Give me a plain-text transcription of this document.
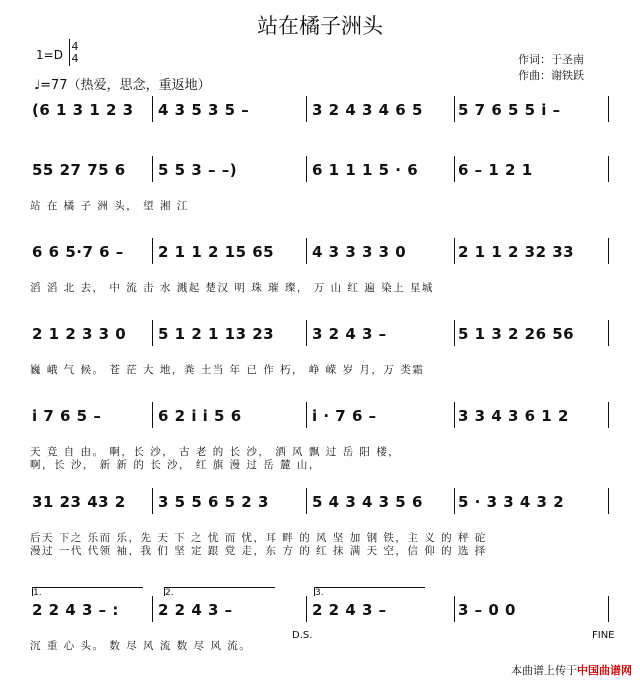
站在橘子洲头
1=D
4
4
♩=77（热爱，思念，重返地）
作词：于圣南
作曲：谢铁跃
(6 1 3 1 2 3 4 3 5 3 5 –	3 2 4 3 4 6 5 5 7 6 5 5 i –
55 27 75 6 5 5 3 – –)	6 1 1 1 5 · 6	6 – 1 2 1
站 在 橘 子 洲 头， 望 湘 江
6 6 5·7 6 – 2 1 1 2 15 65	4 3 3 3 3 0	2 1 1 2 32 33
滔 滔 北 去， 中 流 击 水 溅起 楚汉 明 珠 璀 璨， 万 山 红 遍 染上 星城
2 1 2 3 3 0 5 1 2 1 13 23	3 2 4 3 –	5 1 3 2 26 56
巍 峨 气 候。 苍 茫 大 地，粪 土当 年 已 作 朽， 峥 嵘 岁 月，万 类霜
i 7 6 5 –	6 2 i i 5 6	i · 7 6 –	3 3 4 3 6 1 2
天 竞 自 由。 啊，长 沙， 古 老 的 长 沙， 洒 风 飘 过 岳 阳 楼，
啊，长 沙， 新 新 的 长 沙， 红 旗 漫 过 岳 麓 山，
31 23 43 2 3 5 5 6 5 2 3	5 4 3 4 3 5 6 5 · 3 3 4 3 2
后天 下之 乐而 乐，先 天 下 之 忧 而 忧，耳 畔 的 风 坚 加 钢 铁，主 义 的 秤 砣
漫过 一代 代领 袖，我 们 坚 定 跟 党 走，东 方 的 红 抹 满 天 空，信 仰 的 选 择
2 2 4 3 – :	2 2 4 3 –	2 2 4 3 –	3 – 0 0
沉 重 心 头。 数 尽 风 流 数 尽 风 流。
1.	2.	3.
D.S.	FINE
本曲谱上传于中国曲谱网
